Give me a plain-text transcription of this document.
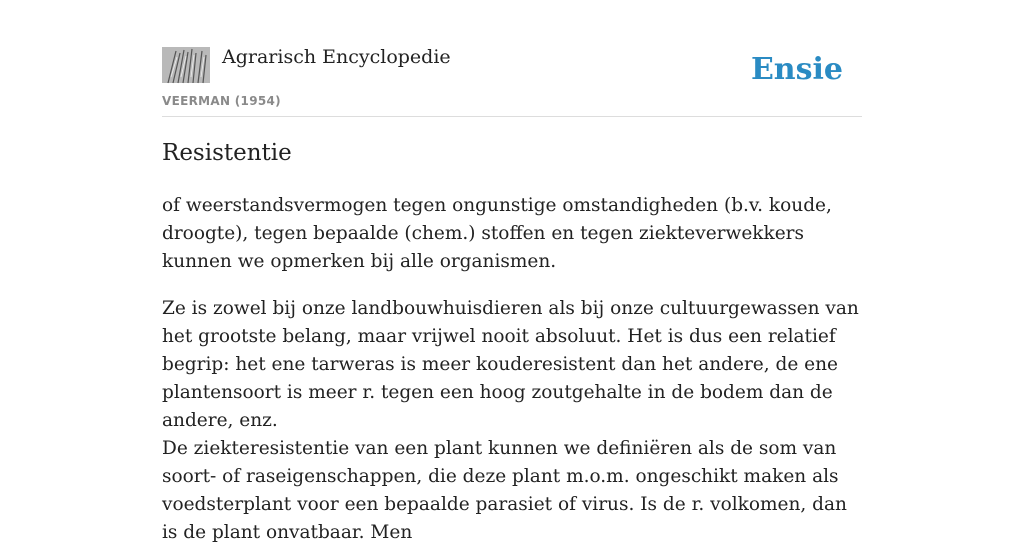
Agrarisch Encyclopedie
VEERMAN (1954)
Ensie
Resistentie

of weerstandsvermogen tegen ongunstige omstandigheden (b.v. koude, droogte), tegen bepaalde (chem.) stoffen en tegen ziekteverwekkers kunnen we opmerken bij alle organismen.

Ze is zowel bij onze landbouwhuisdieren als bij onze cultuurgewassen van het grootste belang, maar vrijwel nooit absoluut. Het is dus een relatief begrip: het ene tarweras is meer kouderesistent dan het andere, de ene plantensoort is meer r. tegen een hoog zoutgehalte in de bodem dan de andere, enz.

De ziekteresistentie van een plant kunnen we definiëren als de som van soort- of raseigenschappen, die deze plant m.o.m. ongeschikt maken als voedsterplant voor een bepaalde parasiet of virus. Is de r. volkomen, dan is de plant onvatbaar. Men
